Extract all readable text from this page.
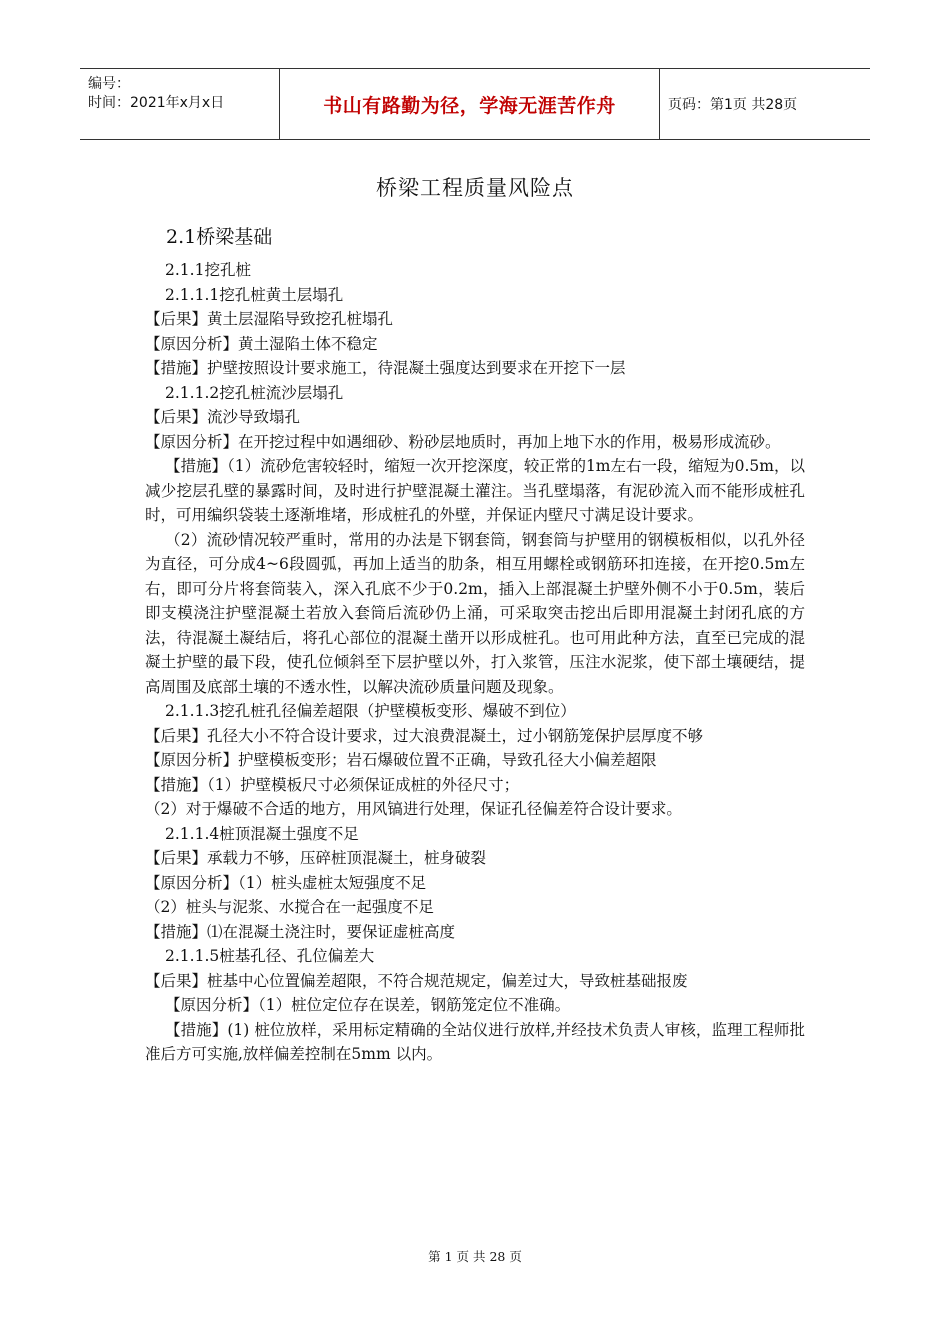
编号：
时间：2021年x月x日	书山有路勤为径，学海无涯苦作舟	页码：第1页 共28页
桥梁工程质量风险点
2.1桥梁基础

2.1.1挖孔桩

2.1.1.1挖孔桩黄土层塌孔

【后果】黄土层湿陷导致挖孔桩塌孔

【原因分析】黄土湿陷土体不稳定

【措施】护壁按照设计要求施工，待混凝土强度达到要求在开挖下一层

2.1.1.2挖孔桩流沙层塌孔

【后果】流沙导致塌孔

【原因分析】在开挖过程中如遇细砂、粉砂层地质时，再加上地下水的作用，极易形成流砂。

【措施】（1）流砂危害较轻时，缩短一次开挖深度，较正常的1m左右一段，缩短为0.5m，以减少挖层孔壁的暴露时间，及时进行护壁混凝土灌注。当孔壁塌落，有泥砂流入而不能形成桩孔时，可用编织袋装土逐渐堆堵，形成桩孔的外壁，并保证内壁尺寸满足设计要求。

（2）流砂情况较严重时，常用的办法是下钢套筒，钢套筒与护壁用的钢模板相似，以孔外径为直径，可分成4~6段圆弧，再加上适当的肋条，相互用螺栓或钢筋环扣连接，在开挖0.5m左右，即可分片将套筒装入，深入孔底不少于0.2m，插入上部混凝土护壁外侧不小于0.5m，装后即支模浇注护壁混凝土若放入套筒后流砂仍上涌，可采取突击挖出后即用混凝土封闭孔底的方法，待混凝土凝结后，将孔心部位的混凝土凿开以形成桩孔。也可用此种方法，直至已完成的混凝土护壁的最下段，使孔位倾斜至下层护壁以外，打入浆管，压注水泥浆，使下部土壤硬结，提高周围及底部土壤的不透水性，以解决流砂质量问题及现象。

2.1.1.3挖孔桩孔径偏差超限（护壁模板变形、爆破不到位）

【后果】孔径大小不符合设计要求，过大浪费混凝土，过小钢筋笼保护层厚度不够

【原因分析】护壁模板变形；岩石爆破位置不正确，导致孔径大小偏差超限

【措施】（1）护壁模板尺寸必须保证成桩的外径尺寸；

（2）对于爆破不合适的地方，用风镐进行处理，保证孔径偏差符合设计要求。

2.1.1.4桩顶混凝土强度不足

【后果】承载力不够，压碎桩顶混凝土，桩身破裂

【原因分析】（1）桩头虚桩太短强度不足

（2）桩头与泥浆、水搅合在一起强度不足

【措施】⑴在混凝土浇注时，要保证虚桩高度

2.1.1.5桩基孔径、孔位偏差大

【后果】桩基中心位置偏差超限，不符合规范规定，偏差过大，导致桩基础报废

【原因分析】（1）桩位定位存在误差，钢筋笼定位不准确。

【措施】(1) 桩位放样，采用标定精确的全站仪进行放样,并经技术负责人审核，监理工程师批准后方可实施,放样偏差控制在5mm 以内。

第 1 页 共 28 页
